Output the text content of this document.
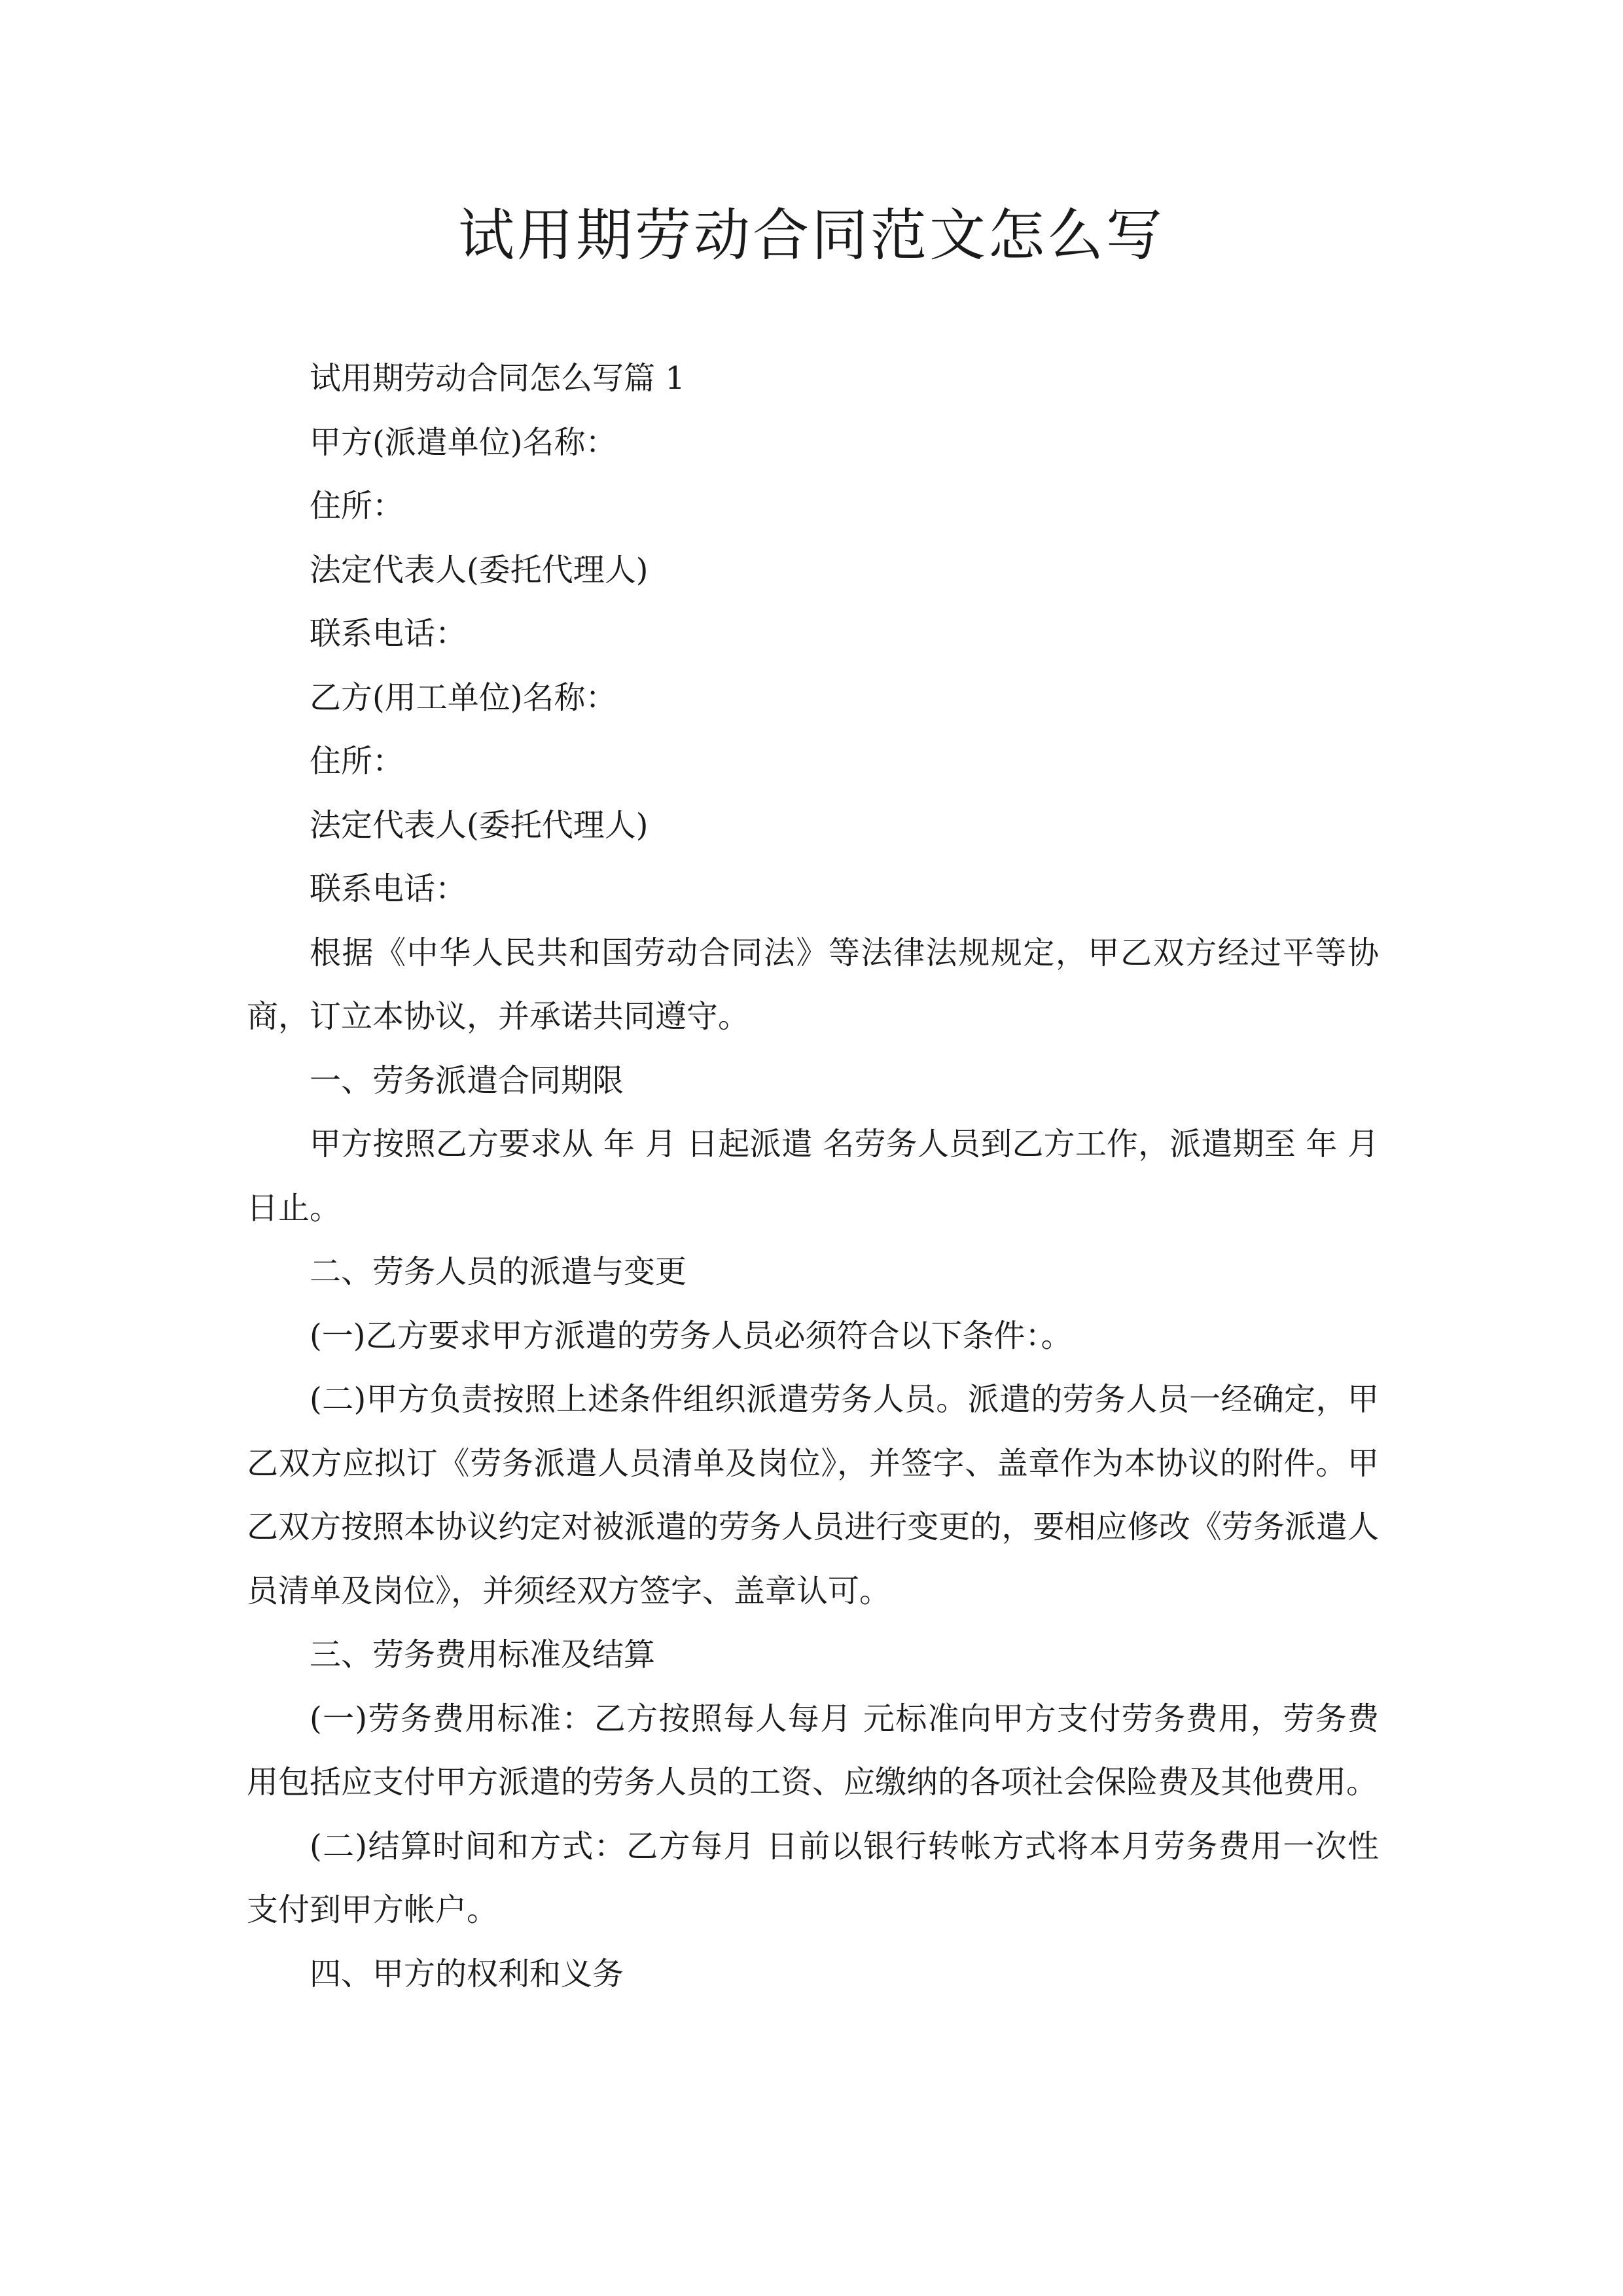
试用期劳动合同范文怎么写

试用期劳动合同怎么写篇 1

甲方(派遣单位)名称：

住所：

法定代表人(委托代理人)

联系电话：

乙方(用工单位)名称：

住所：

法定代表人(委托代理人)

联系电话：

根据《中华人民共和国劳动合同法》等法律法规规定，甲乙双方经过平等协商，订立本协议，并承诺共同遵守。

一、劳务派遣合同期限

甲方按照乙方要求从 年 月 日起派遣 名劳务人员到乙方工作，派遣期至 年 月 日止。

二、劳务人员的派遣与变更

(一)乙方要求甲方派遣的劳务人员必须符合以下条件：。

(二)甲方负责按照上述条件组织派遣劳务人员。派遣的劳务人员一经确定，甲乙双方应拟订《劳务派遣人员清单及岗位》，并签字、盖章作为本协议的附件。甲乙双方按照本协议约定对被派遣的劳务人员进行变更的，要相应修改《劳务派遣人员清单及岗位》，并须经双方签字、盖章认可。

三、劳务费用标准及结算

(一)劳务费用标准：乙方按照每人每月 元标准向甲方支付劳务费用，劳务费用包括应支付甲方派遣的劳务人员的工资、应缴纳的各项社会保险费及其他费用。

(二)结算时间和方式：乙方每月 日前以银行转帐方式将本月劳务费用一次性支付到甲方帐户。

四、甲方的权利和义务
